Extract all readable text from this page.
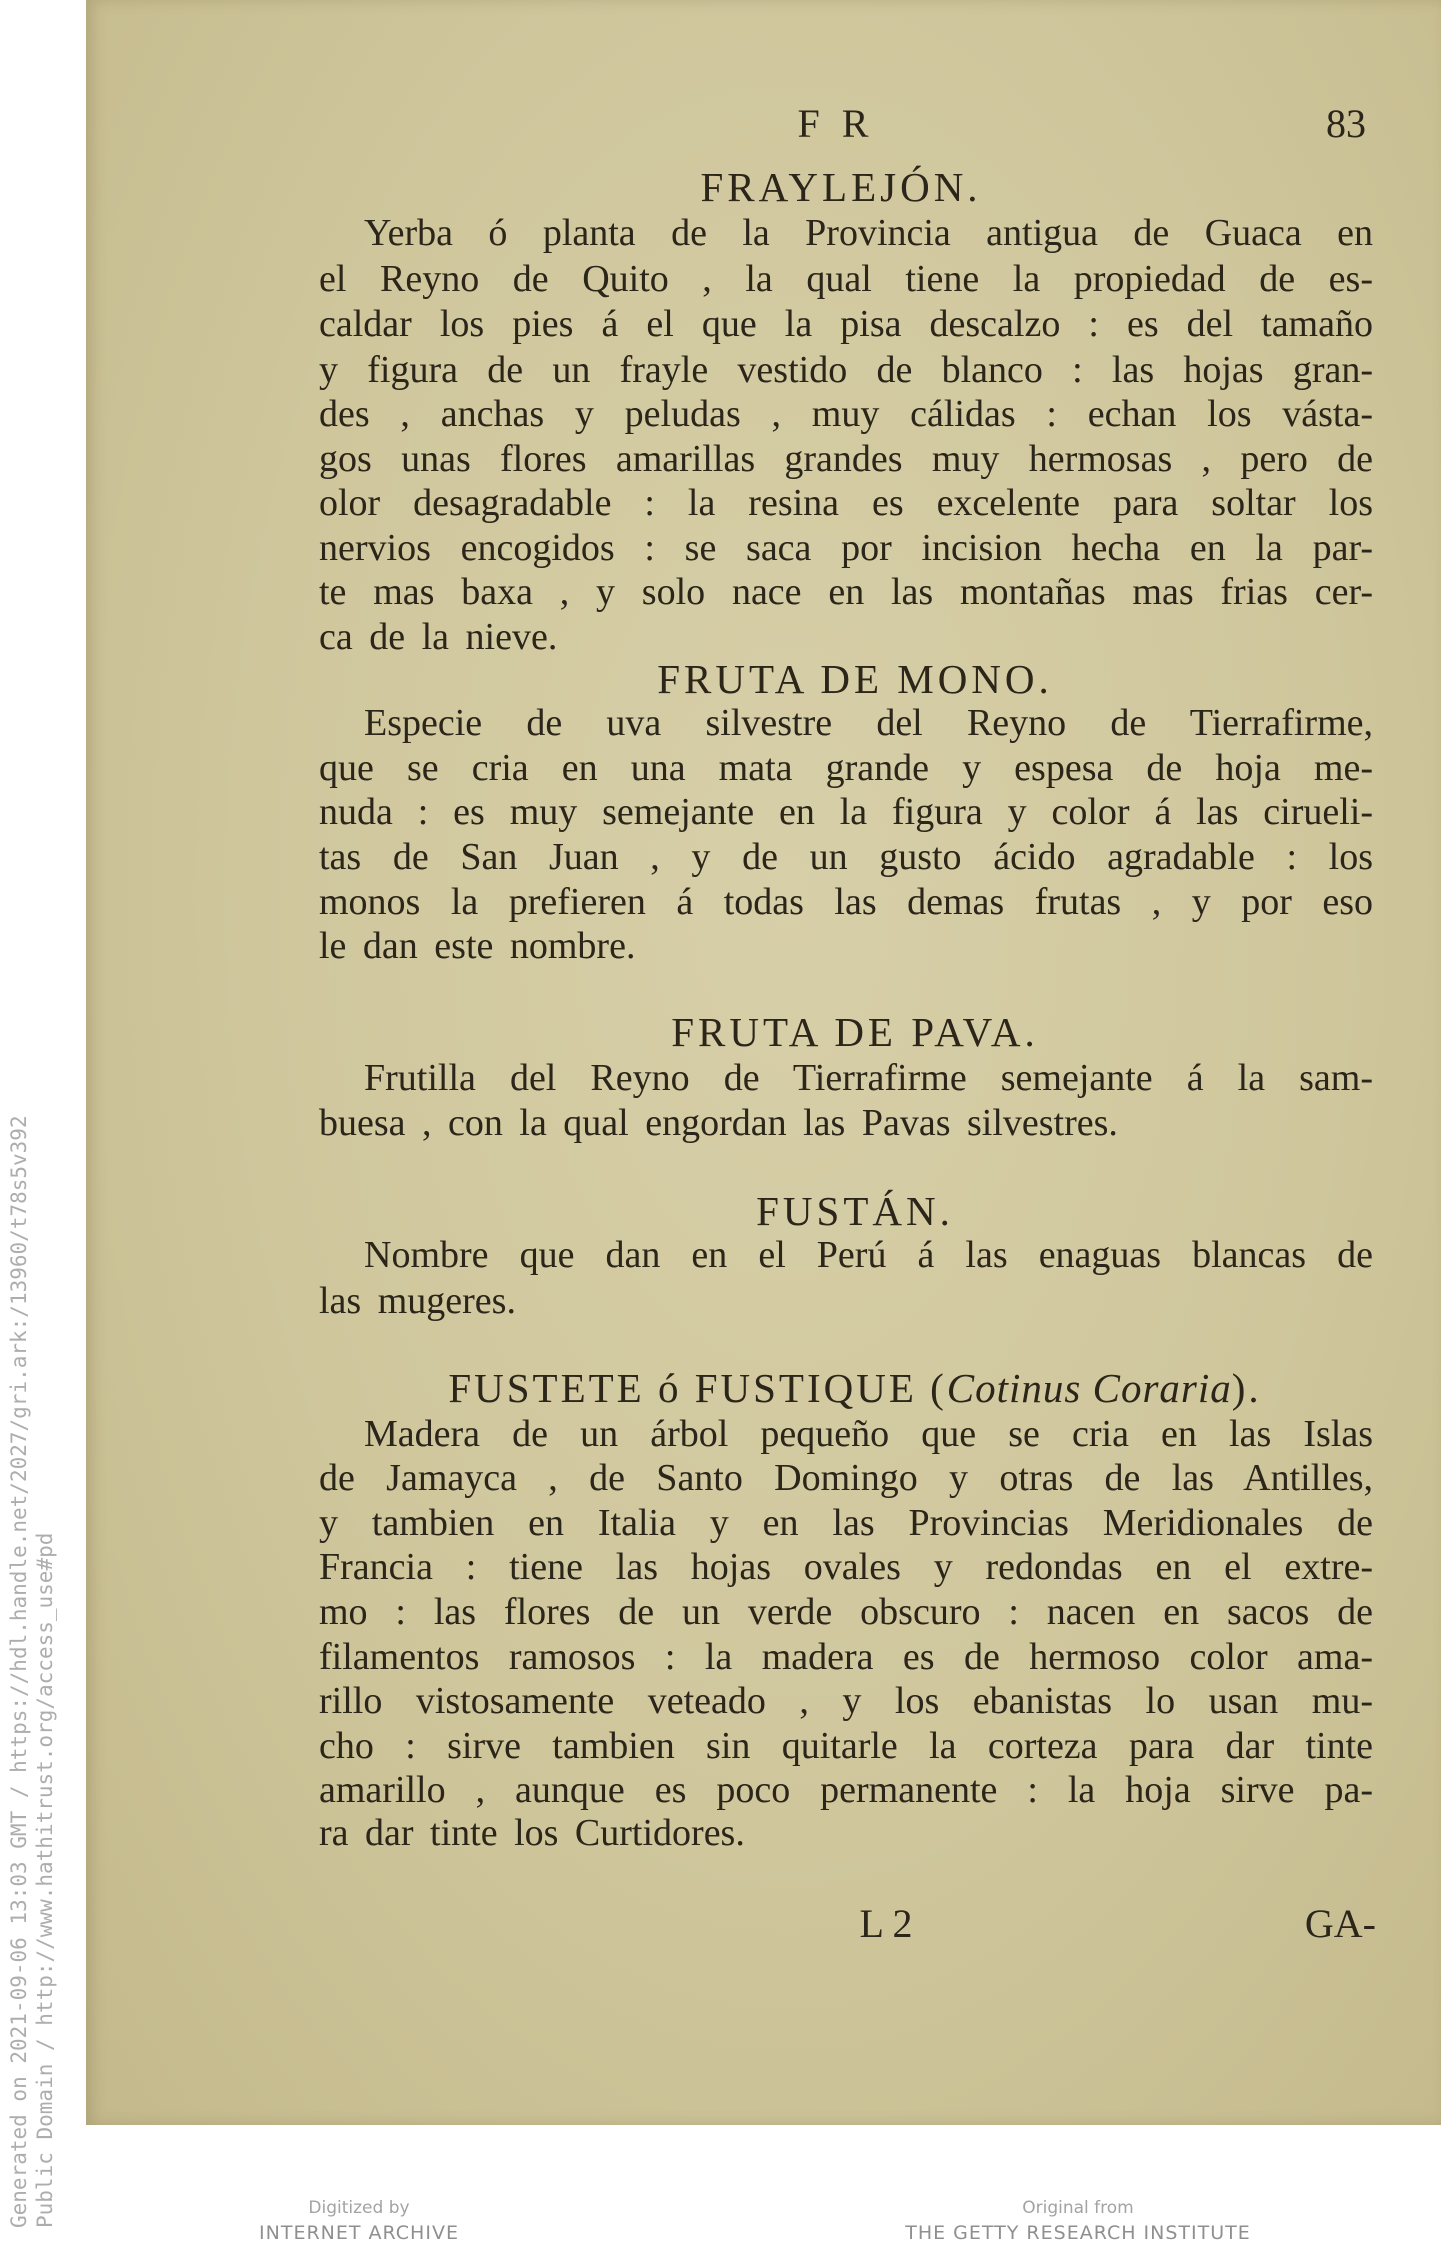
Generated on 2021-09-06 13:03 GMT / https://hdl.handle.net/2027/gri.ark:/13960/t78s5v392 Public Domain / http://www.hathitrust.org/access_use#pd
F R	83
FRAYLEJÓN.
Yerba ó planta de la Provincia antigua de Guaca en
el Reyno de Quito , la qual tiene la propiedad de es-
caldar los pies á el que la pisa descalzo : es del tamaño
y figura de un frayle vestido de blanco : las hojas gran-
des , anchas y peludas , muy cálidas : echan los vásta-
gos unas flores amarillas grandes muy hermosas , pero de
olor desagradable : la resina es excelente para soltar los
nervios encogidos : se saca por incision hecha en la par-
te mas baxa , y solo nace en las montañas mas frias cer-
ca de la nieve.
FRUTA DE MONO.
Especie de uva silvestre del Reyno de Tierrafirme,
que se cria en una mata grande y espesa de hoja me-
nuda : es muy semejante en la figura y color á las cirueli-
tas de San Juan , y de un gusto ácido agradable : los
monos la prefieren á todas las demas frutas , y por eso
le dan este nombre.
FRUTA DE PAVA.
Frutilla del Reyno de Tierrafirme semejante á la sam-
buesa , con la qual engordan las Pavas silvestres.
FUSTÁN.
Nombre que dan en el Perú á las enaguas blancas de
las mugeres.
FUSTETE ó FUSTIQUE (Cotinus Coraria).
Madera de un árbol pequeño que se cria en las Islas
de Jamayca , de Santo Domingo y otras de las Antilles,
y tambien en Italia y en las Provincias Meridionales de
Francia : tiene las hojas ovales y redondas en el extre-
mo : las flores de un verde obscuro : nacen en sacos de
filamentos ramosos : la madera es de hermoso color ama-
rillo vistosamente veteado , y los ebanistas lo usan mu-
cho : sirve tambien sin quitarle la corteza para dar tinte
amarillo , aunque es poco permanente : la hoja sirve pa-
ra dar tinte los Curtidores.
L 2	GA-
Digitized by
INTERNET ARCHIVE
Original from
THE GETTY RESEARCH INSTITUTE
